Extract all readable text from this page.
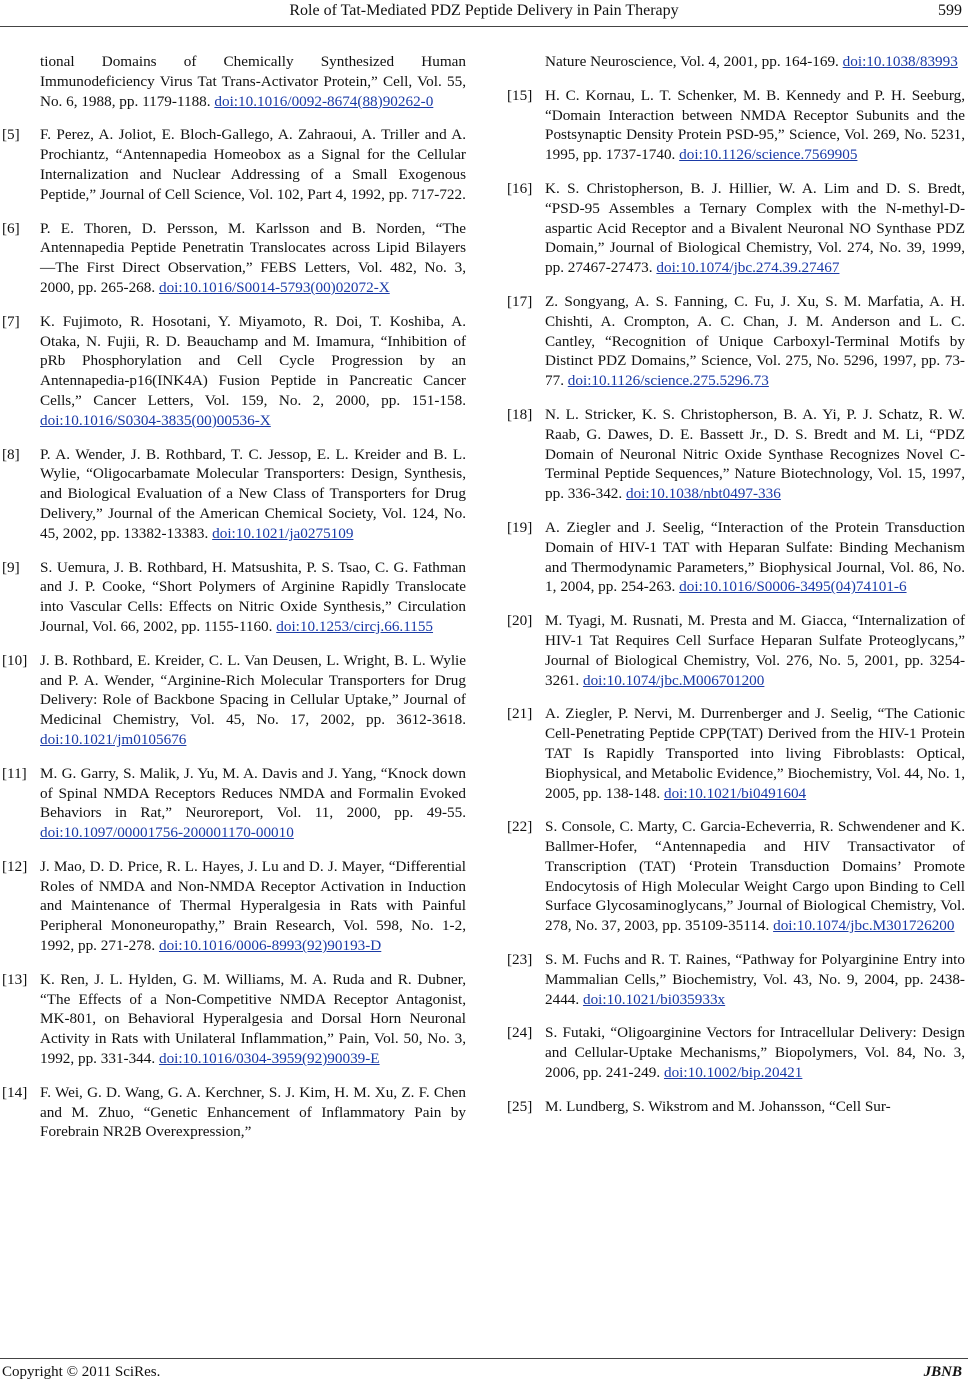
Role of Tat-Mediated PDZ Peptide Delivery in Pain Therapy	599
tional Domains of Chemically Synthesized Human Immunodeficiency Virus Tat Trans-Activator Protein,” Cell, Vol. 55, No. 6, 1988, pp. 1179-1188. doi:10.1016/0092-8674(88)90262-0
[5] F. Perez, A. Joliot, E. Bloch-Gallego, A. Zahraoui, A. Triller and A. Prochiantz, “Antennapedia Homeobox as a Signal for the Cellular Internalization and Nuclear Addressing of a Small Exogenous Peptide,” Journal of Cell Science, Vol. 102, Part 4, 1992, pp. 717-722.
[6] P. E. Thoren, D. Persson, M. Karlsson and B. Norden, “The Antennapedia Peptide Penetratin Translocates across Lipid Bilayers—The First Direct Observation,” FEBS Letters, Vol. 482, No. 3, 2000, pp. 265-268. doi:10.1016/S0014-5793(00)02072-X
[7] K. Fujimoto, R. Hosotani, Y. Miyamoto, R. Doi, T. Koshiba, A. Otaka, N. Fujii, R. D. Beauchamp and M. Imamura, “Inhibition of pRb Phosphorylation and Cell Cycle Progression by an Antennapedia-p16(INK4A) Fusion Peptide in Pancreatic Cancer Cells,” Cancer Letters, Vol. 159, No. 2, 2000, pp. 151-158. doi:10.1016/S0304-3835(00)00536-X
[8] P. A. Wender, J. B. Rothbard, T. C. Jessop, E. L. Kreider and B. L. Wylie, “Oligocarbamate Molecular Transporters: Design, Synthesis, and Biological Evaluation of a New Class of Transporters for Drug Delivery,” Journal of the American Chemical Society, Vol. 124, No. 45, 2002, pp. 13382-13383. doi:10.1021/ja0275109
[9] S. Uemura, J. B. Rothbard, H. Matsushita, P. S. Tsao, C. G. Fathman and J. P. Cooke, “Short Polymers of Arginine Rapidly Translocate into Vascular Cells: Effects on Nitric Oxide Synthesis,” Circulation Journal, Vol. 66, 2002, pp. 1155-1160. doi:10.1253/circj.66.1155
[10] J. B. Rothbard, E. Kreider, C. L. Van Deusen, L. Wright, B. L. Wylie and P. A. Wender, “Arginine-Rich Molecular Transporters for Drug Delivery: Role of Backbone Spacing in Cellular Uptake,” Journal of Medicinal Chemistry, Vol. 45, No. 17, 2002, pp. 3612-3618. doi:10.1021/jm0105676
[11] M. G. Garry, S. Malik, J. Yu, M. A. Davis and J. Yang, “Knock down of Spinal NMDA Receptors Reduces NMDA and Formalin Evoked Behaviors in Rat,” Neuroreport, Vol. 11, 2000, pp. 49-55. doi:10.1097/00001756-200001170-00010
[12] J. Mao, D. D. Price, R. L. Hayes, J. Lu and D. J. Mayer, “Differential Roles of NMDA and Non-NMDA Receptor Activation in Induction and Maintenance of Thermal Hyperalgesia in Rats with Painful Peripheral Mononeuropathy,” Brain Research, Vol. 598, No. 1-2, 1992, pp. 271-278. doi:10.1016/0006-8993(92)90193-D
[13] K. Ren, J. L. Hylden, G. M. Williams, M. A. Ruda and R. Dubner, “The Effects of a Non-Competitive NMDA Receptor Antagonist, MK-801, on Behavioral Hyperalgesia and Dorsal Horn Neuronal Activity in Rats with Unilateral Inflammation,” Pain, Vol. 50, No. 3, 1992, pp. 331-344. doi:10.1016/0304-3959(92)90039-E
[14] F. Wei, G. D. Wang, G. A. Kerchner, S. J. Kim, H. M. Xu, Z. F. Chen and M. Zhuo, “Genetic Enhancement of Inflammatory Pain by Forebrain NR2B Overexpression,”
Nature Neuroscience, Vol. 4, 2001, pp. 164-169. doi:10.1038/83993
[15] H. C. Kornau, L. T. Schenker, M. B. Kennedy and P. H. Seeburg, “Domain Interaction between NMDA Receptor Subunits and the Postsynaptic Density Protein PSD-95,” Science, Vol. 269, No. 5231, 1995, pp. 1737-1740. doi:10.1126/science.7569905
[16] K. S. Christopherson, B. J. Hillier, W. A. Lim and D. S. Bredt, “PSD-95 Assembles a Ternary Complex with the N-methyl-D-aspartic Acid Receptor and a Bivalent Neuronal NO Synthase PDZ Domain,” Journal of Biological Chemistry, Vol. 274, No. 39, 1999, pp. 27467-27473. doi:10.1074/jbc.274.39.27467
[17] Z. Songyang, A. S. Fanning, C. Fu, J. Xu, S. M. Marfatia, A. H. Chishti, A. Crompton, A. C. Chan, J. M. Anderson and L. C. Cantley, “Recognition of Unique Carboxyl-Terminal Motifs by Distinct PDZ Domains,” Science, Vol. 275, No. 5296, 1997, pp. 73-77. doi:10.1126/science.275.5296.73
[18] N. L. Stricker, K. S. Christopherson, B. A. Yi, P. J. Schatz, R. W. Raab, G. Dawes, D. E. Bassett Jr., D. S. Bredt and M. Li, “PDZ Domain of Neuronal Nitric Oxide Synthase Recognizes Novel C-Terminal Peptide Sequences,” Nature Biotechnology, Vol. 15, 1997, pp. 336-342. doi:10.1038/nbt0497-336
[19] A. Ziegler and J. Seelig, “Interaction of the Protein Transduction Domain of HIV-1 TAT with Heparan Sulfate: Binding Mechanism and Thermodynamic Parameters,” Biophysical Journal, Vol. 86, No. 1, 2004, pp. 254-263. doi:10.1016/S0006-3495(04)74101-6
[20] M. Tyagi, M. Rusnati, M. Presta and M. Giacca, “Internalization of HIV-1 Tat Requires Cell Surface Heparan Sulfate Proteoglycans,” Journal of Biological Chemistry, Vol. 276, No. 5, 2001, pp. 3254-3261. doi:10.1074/jbc.M006701200
[21] A. Ziegler, P. Nervi, M. Durrenberger and J. Seelig, “The Cationic Cell-Penetrating Peptide CPP(TAT) Derived from the HIV-1 Protein TAT Is Rapidly Transported into living Fibroblasts: Optical, Biophysical, and Metabolic Evidence,” Biochemistry, Vol. 44, No. 1, 2005, pp. 138-148. doi:10.1021/bi0491604
[22] S. Console, C. Marty, C. Garcia-Echeverria, R. Schwendener and K. Ballmer-Hofer, “Antennapedia and HIV Transactivator of Transcription (TAT) ‘Protein Transduction Domains’ Promote Endocytosis of High Molecular Weight Cargo upon Binding to Cell Surface Glycosaminoglycans,” Journal of Biological Chemistry, Vol. 278, No. 37, 2003, pp. 35109-35114. doi:10.1074/jbc.M301726200
[23] S. M. Fuchs and R. T. Raines, “Pathway for Polyarginine Entry into Mammalian Cells,” Biochemistry, Vol. 43, No. 9, 2004, pp. 2438-2444. doi:10.1021/bi035933x
[24] S. Futaki, “Oligoarginine Vectors for Intracellular Delivery: Design and Cellular-Uptake Mechanisms,” Biopolymers, Vol. 84, No. 3, 2006, pp. 241-249. doi:10.1002/bip.20421
[25] M. Lundberg, S. Wikstrom and M. Johansson, “Cell Sur-
Copyright © 2011 SciRes.	JBNB
